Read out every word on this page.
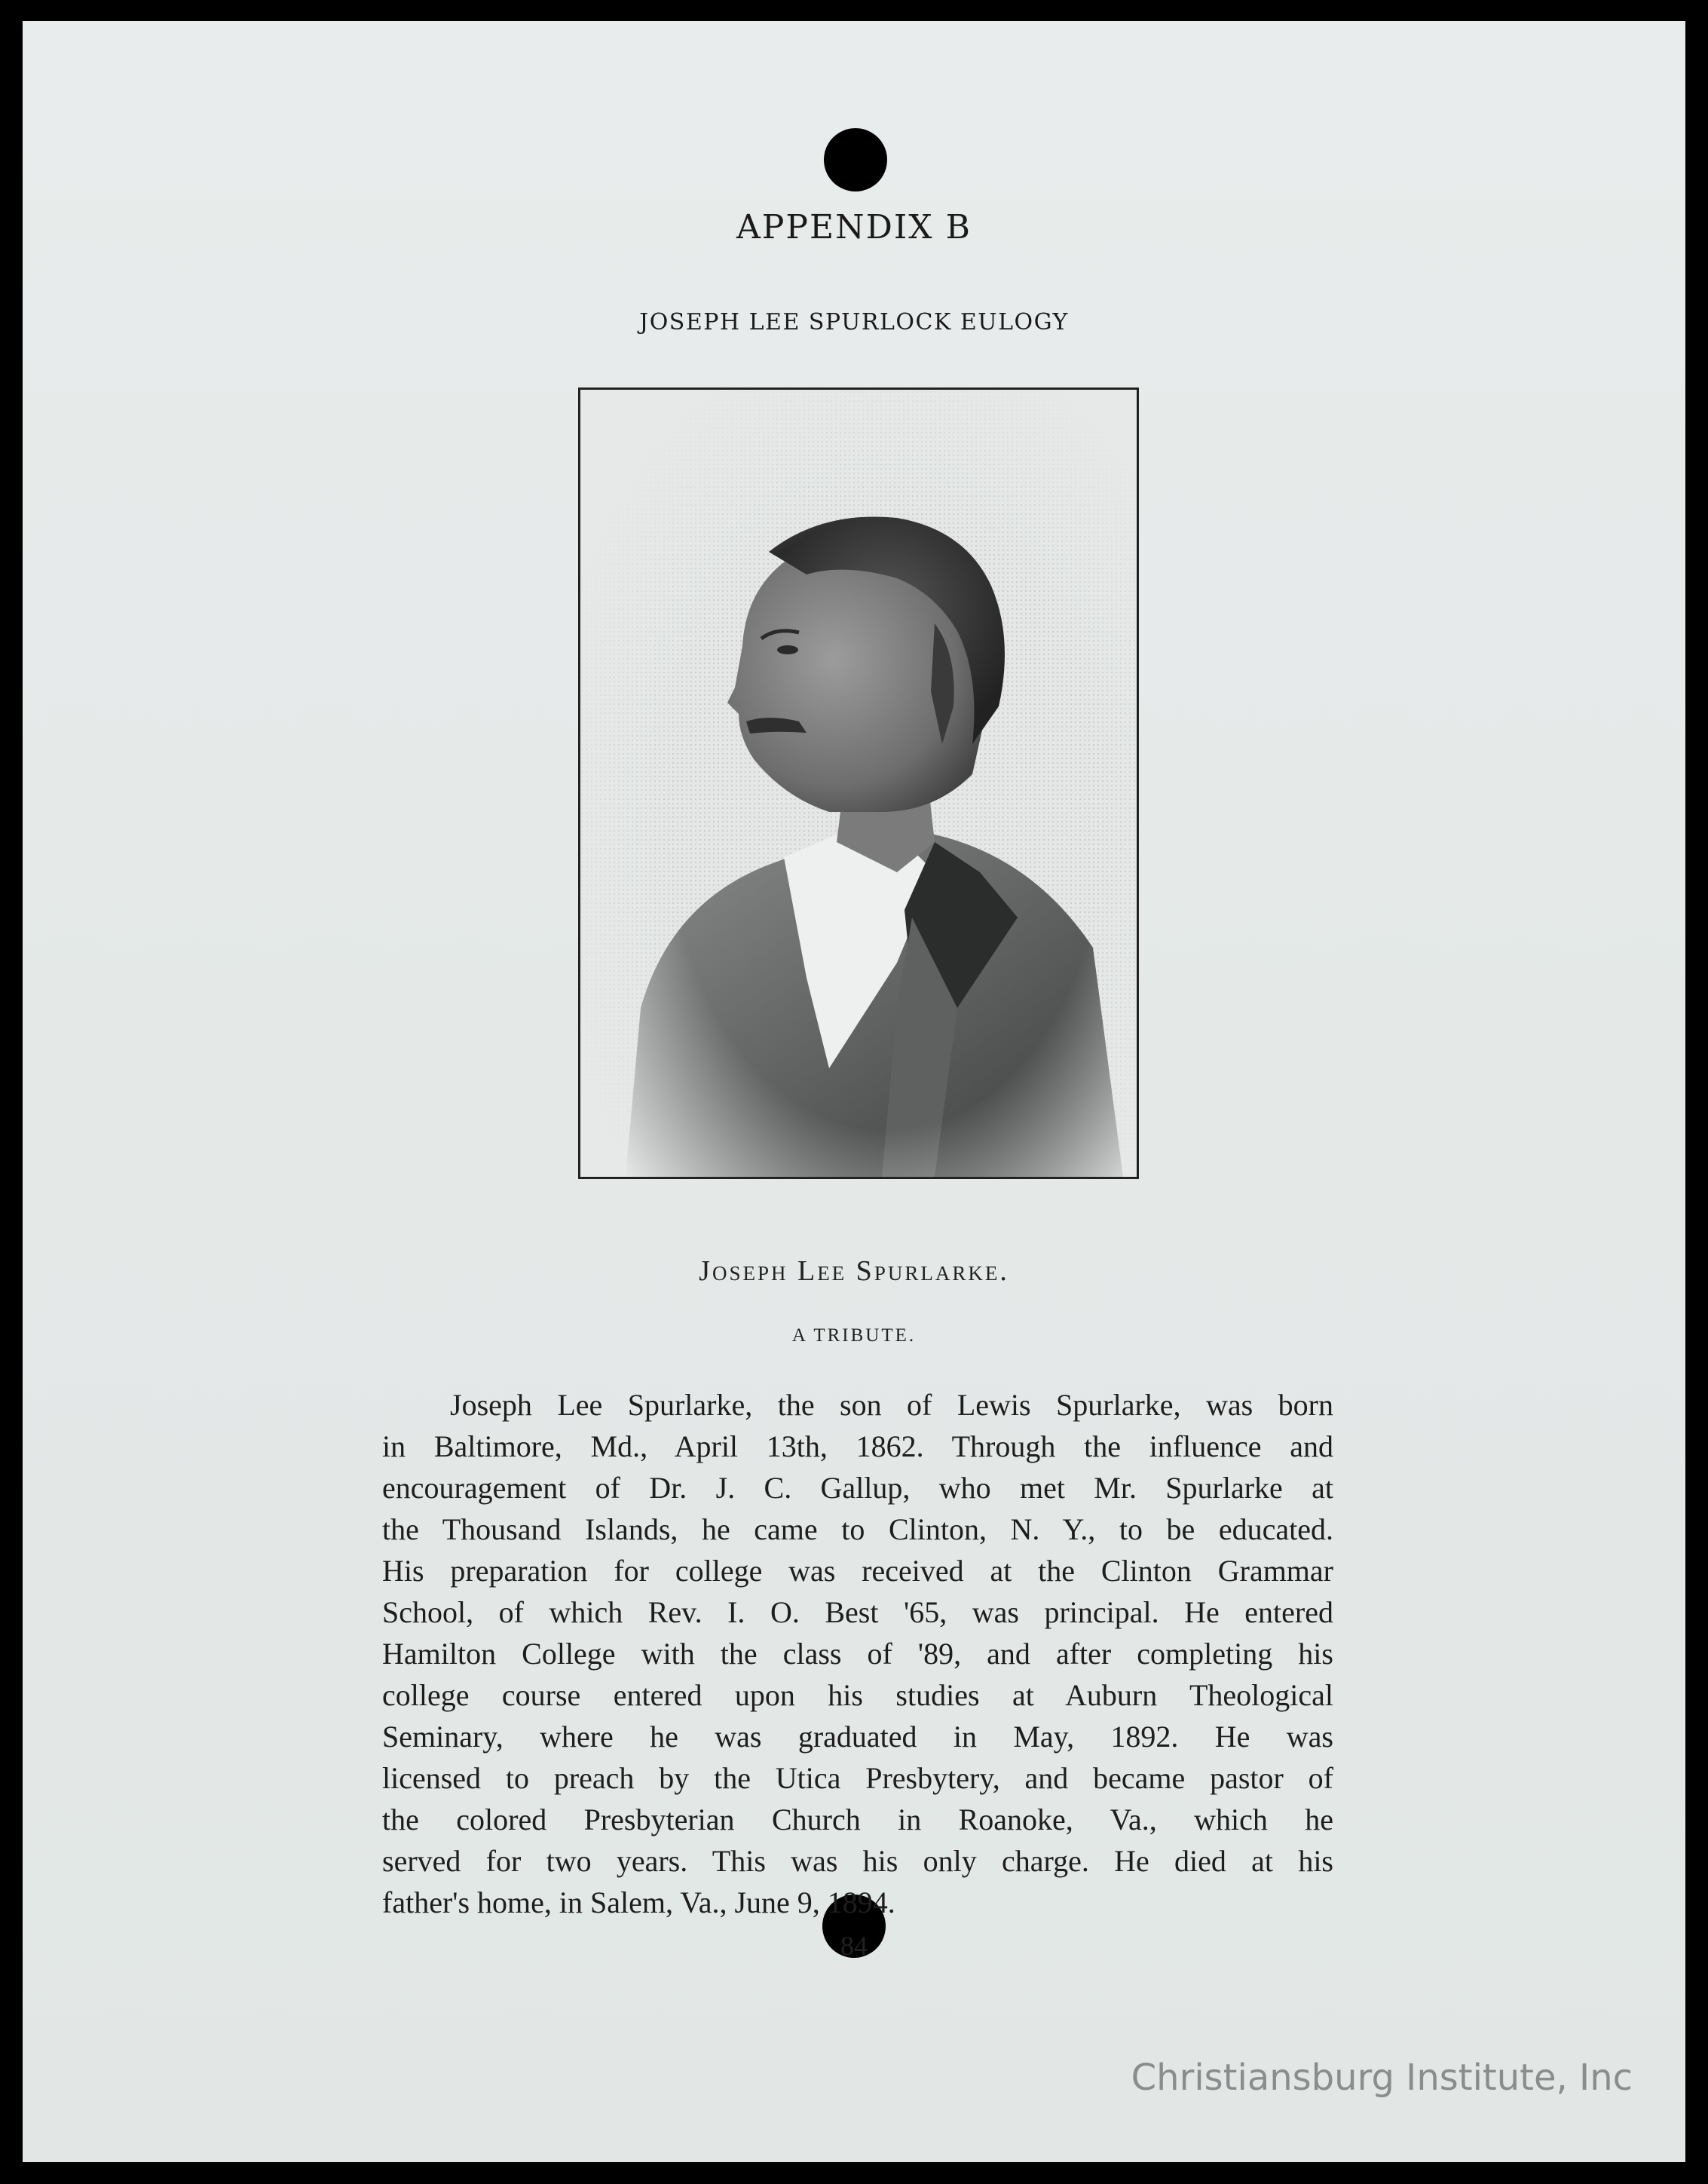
APPENDIX B
JOSEPH LEE SPURLOCK EULOGY
Joseph Lee Spurlarke.
A TRIBUTE.
Joseph Lee Spurlarke, the son of Lewis Spurlarke, was born
in Baltimore, Md., April 13th, 1862. Through the influence and
encouragement of Dr. J. C. Gallup, who met Mr. Spurlarke at
the Thousand Islands, he came to Clinton, N. Y., to be educated.
His preparation for college was received at the Clinton Grammar
School, of which Rev. I. O. Best '65, was principal. He entered
Hamilton College with the class of '89, and after completing his
college course entered upon his studies at Auburn Theological
Seminary, where he was graduated in May, 1892. He was
licensed to preach by the Utica Presbytery, and became pastor of
the colored Presbyterian Church in Roanoke, Va., which he
served for two years. This was his only charge. He died at his
father's home, in Salem, Va., June 9, 1894.
84
Christiansburg Institute, Inc
